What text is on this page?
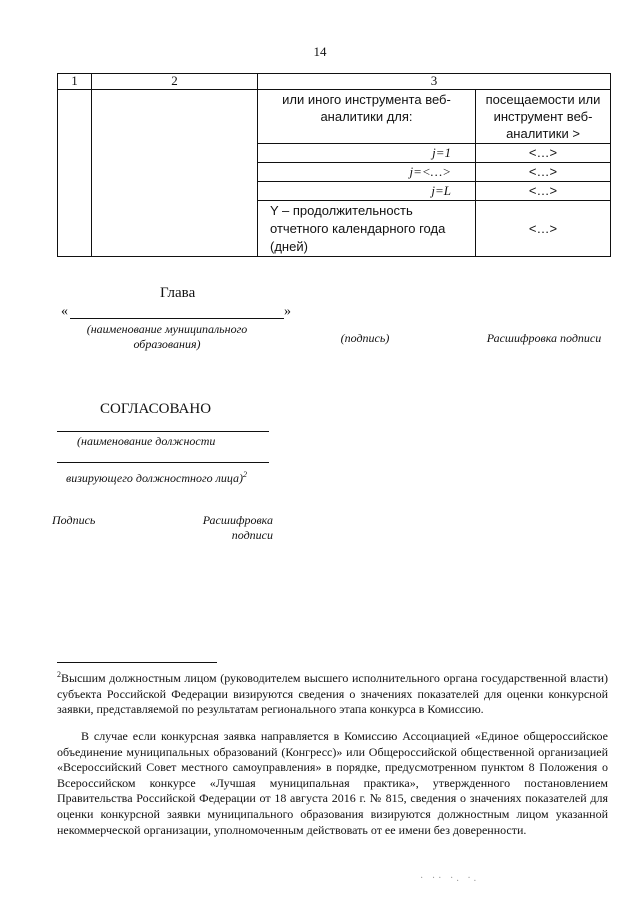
14
1	2	3	
		или иного инструмента веб-аналитики для:	посещаемости или инструмент веб-аналитики >
		j=1	<…>
		j=<…>	<…>
		j=L	<…>
		Y – продолжительность отчетного календарного года (дней)	<…>
Глава
«	»
(наименование муниципального образования)	(подпись)	Расшифровка подписи
СОГЛАСОВАНО
(наименование должности
визирующего должностного лица)$^2$
Подпись	Расшифровка подписи
$^2$Высшим должностным лицом (руководителем высшего исполнительного органа государственной власти) субъекта Российской Федерации визируются сведения о значениях показателей для оценки конкурсной заявки, представляемой по результатам регионального этапа конкурса в Комиссию.
В случае если конкурсная заявка направляется в Комиссию Ассоциацией «Единое общероссийское объединение муниципальных образований (Конгресс)» или Общероссийской общественной организацией «Всероссийский Совет местного самоуправления» в порядке, предусмотренном пунктом 8 Положения о Всероссийском конкурсе «Лучшая муниципальная практика», утвержденного постановлением Правительства Российской Федерации от 18 августа 2016 г. № 815, сведения о значениях показателей для оценки конкурсной заявки муниципального образования визируются должностным лицом указанной некоммерческой организации, уполномоченным действовать от ее имени без доверенности.
· ·· ·. ·.
